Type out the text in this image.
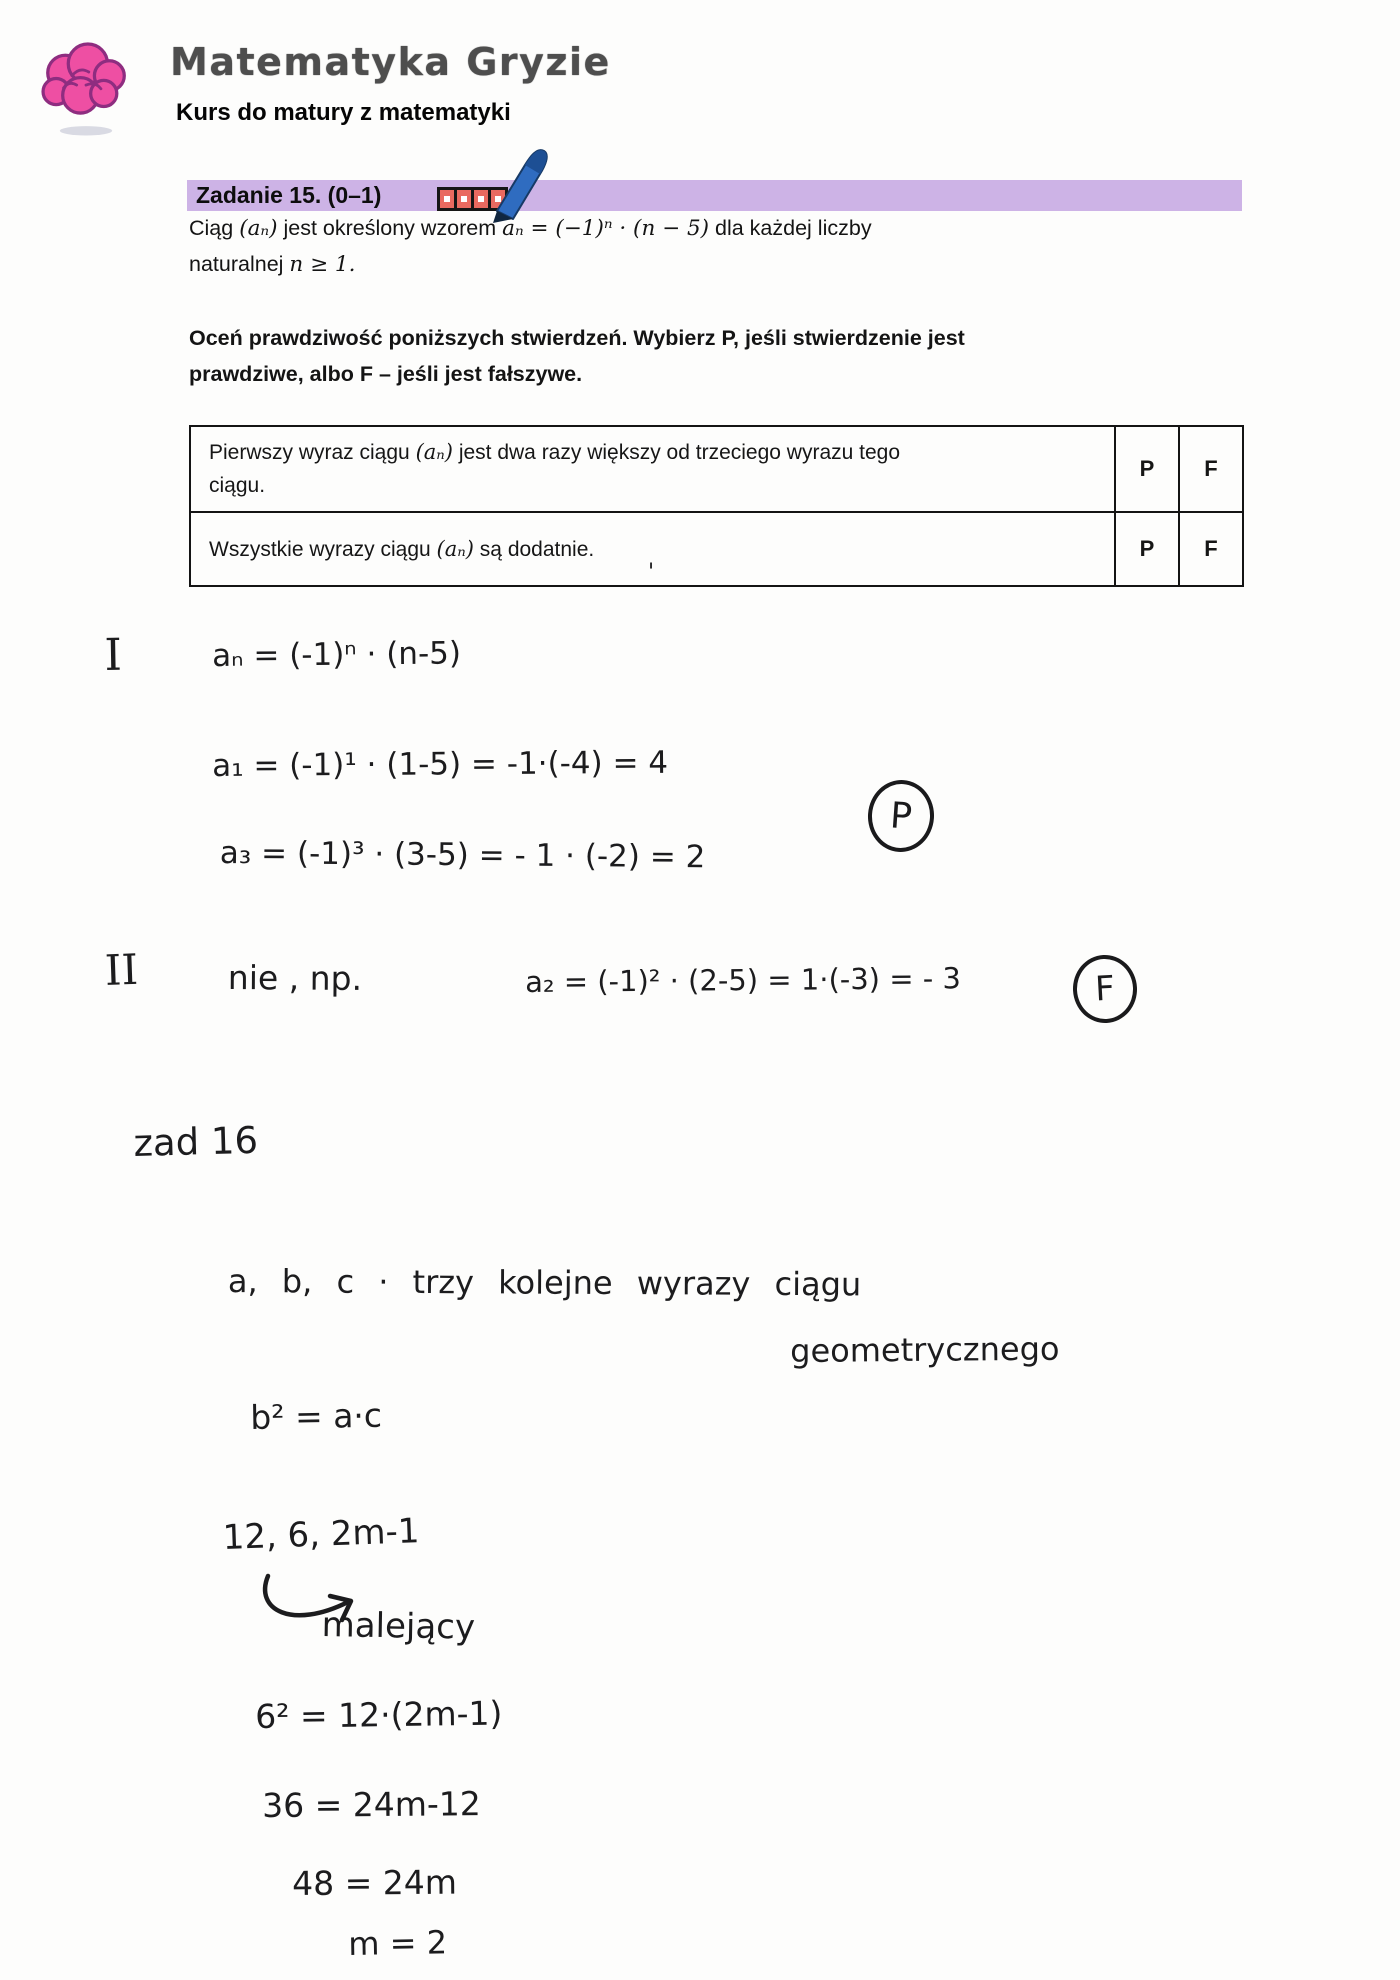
Matematyka Gryzie
Kurs do matury z matematyki
Zadanie 15. (0–1)
Ciąg (aₙ) jest określony wzorem aₙ = (−1)ⁿ · (n − 5) dla każdej liczby
naturalnej n ≥ 1.
Oceń prawdziwość poniższych stwierdzeń. Wybierz P, jeśli stwierdzenie jest
prawdziwe, albo F – jeśli jest fałszywe.
Pierwszy wyraz ciągu (aₙ) jest dwa razy większy od trzeciego wyrazu tego
ciągu.
P	F
Wszystkie wyrazy ciągu (aₙ) są dodatnie.	P	F
I	aₙ = (-1)ⁿ · (n-5)
'
a₁ = (-1)¹ · (1-5) = -1·(-4) = 4
a₃ = (-1)³ · (3-5) = - 1 · (-2) = 2
P
II	nie , np.	a₂ = (-1)² · (2-5) = 1·(-3) = - 3	F
zad 16
a, b, c · trzy kolejne wyrazy ciągu
geometrycznego
b² = a·c
12, 6, 2m-1
malejący
6² = 12·(2m-1)
36 = 24m-12
48 = 24m
m = 2
